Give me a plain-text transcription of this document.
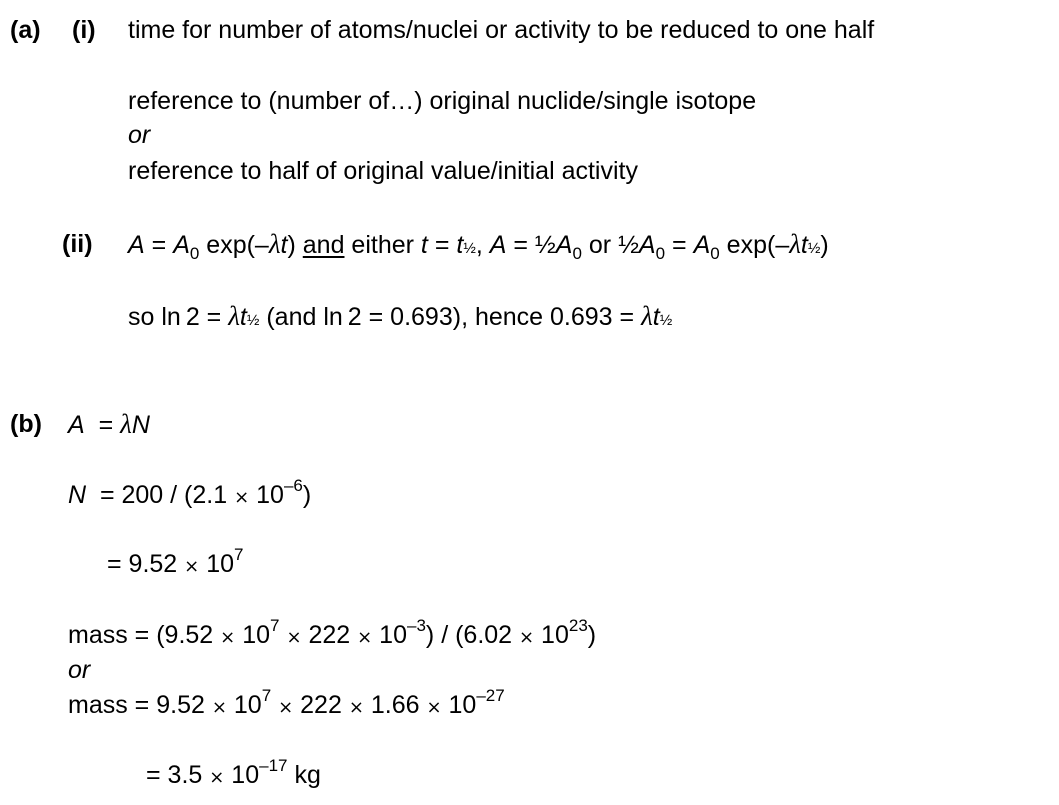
(a) (i) time for number of atoms/nuclei or activity to be reduced to one half
reference to (number of…) original nuclide/single isotope
or
reference to half of original value/initial activity
(ii) $A = A_0$ exp(–λt) and either t = t½, $A = \frac{1}{2}A_0$ or $\frac{1}{2}A_0 = A_0$ exp(–λt½)
so ln 2 = λt½ (and ln 2 = 0.693), hence 0.693 = λt½
(b) A  = λN
$N = 200 / (2.1 \times 10^{-6})$
= $9.52 \times 10^7$
mass = $(9.52 \times 10^7 \times 222 \times 10^{-3}) / (6.02 \times 10^{23})$
or
mass = $9.52 \times 10^7 \times 222 \times 1.66 \times 10^{-27}$
= $3.5 \times 10^{-17}$ kg
